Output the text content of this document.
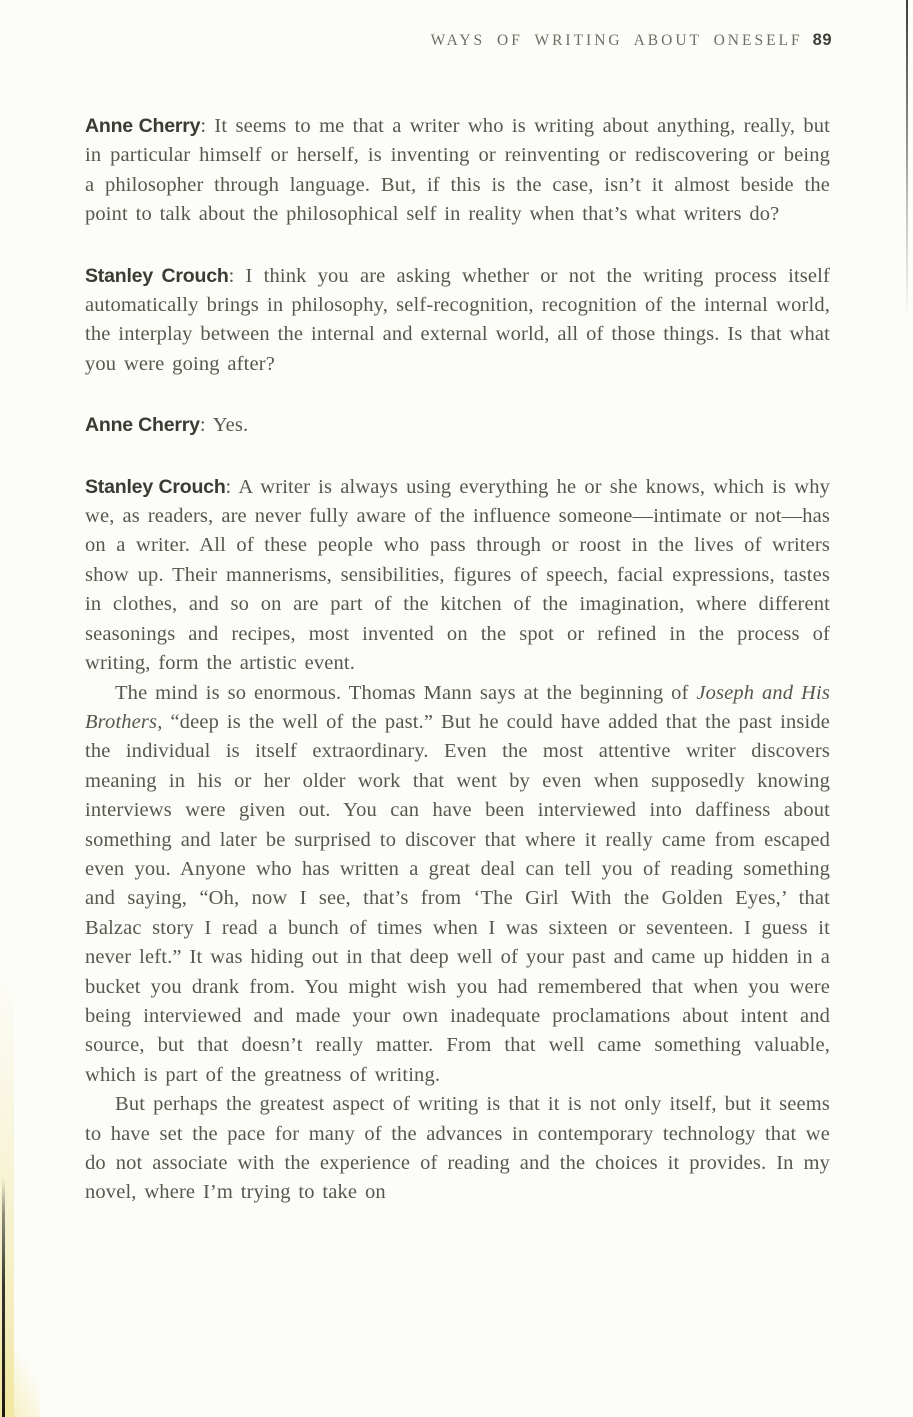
WAYS OF WRITING ABOUT ONESELF 89

Anne Cherry: It seems to me that a writer who is writing about anything, really, but in particular himself or herself, is inventing or reinventing or rediscovering or being a philosopher through language. But, if this is the case, isn’t it almost beside the point to talk about the philosophical self in reality when that’s what writers do?

Stanley Crouch: I think you are asking whether or not the writing process itself automatically brings in philosophy, self-recognition, recognition of the internal world, the interplay between the internal and external world, all of those things. Is that what you were going after?

Anne Cherry: Yes.

Stanley Crouch: A writer is always using everything he or she knows, which is why we, as readers, are never fully aware of the influence someone—intimate or not—has on a writer. All of these people who pass through or roost in the lives of writers show up. Their mannerisms, sensibilities, figures of speech, facial expressions, tastes in clothes, and so on are part of the kitchen of the imagination, where different seasonings and recipes, most invented on the spot or refined in the process of writing, form the artistic event.

The mind is so enormous. Thomas Mann says at the beginning of Joseph and His Brothers, “deep is the well of the past.” But he could have added that the past inside the individual is itself extraordinary. Even the most attentive writer discovers meaning in his or her older work that went by even when supposedly knowing interviews were given out. You can have been interviewed into daffiness about something and later be surprised to discover that where it really came from escaped even you. Anyone who has written a great deal can tell you of reading something and saying, “Oh, now I see, that’s from ‘The Girl With the Golden Eyes,’ that Balzac story I read a bunch of times when I was sixteen or seventeen. I guess it never left.” It was hiding out in that deep well of your past and came up hidden in a bucket you drank from. You might wish you had remembered that when you were being interviewed and made your own inadequate proclamations about intent and source, but that doesn’t really matter. From that well came something valuable, which is part of the greatness of writing.

But perhaps the greatest aspect of writing is that it is not only itself, but it seems to have set the pace for many of the advances in contemporary technology that we do not associate with the experience of reading and the choices it provides. In my novel, where I’m trying to take on
